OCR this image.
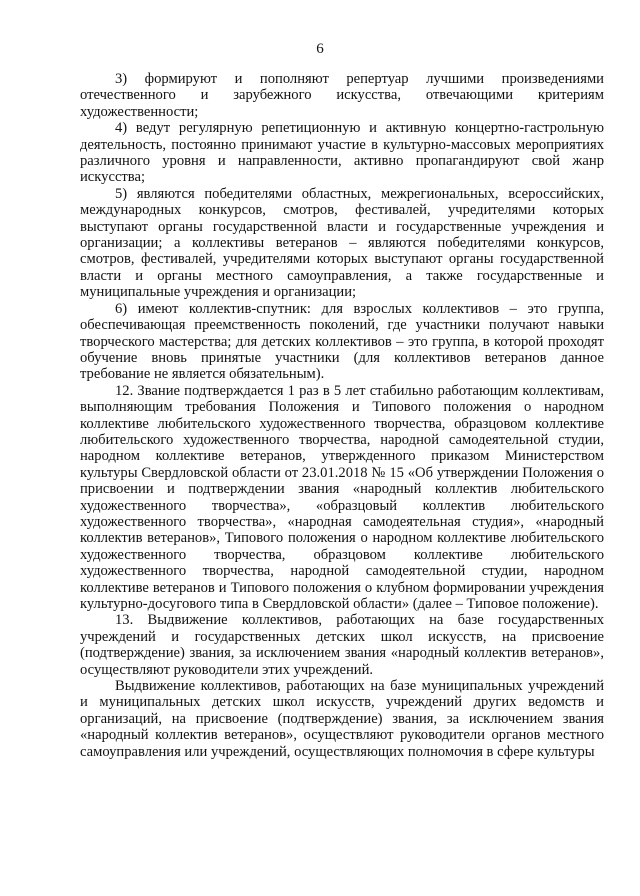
6

3) формируют и пополняют репертуар лучшими произведениями отечественного и зарубежного искусства, отвечающими критериям художественности;

4) ведут регулярную репетиционную и активную концертно-гастрольную деятельность, постоянно принимают участие в культурно-массовых мероприятиях различного уровня и направленности, активно пропагандируют свой жанр искусства;

5) являются победителями областных, межрегиональных, всероссийских, международных конкурсов, смотров, фестивалей, учредителями которых выступают органы государственной власти и государственные учреждения и организации; а коллективы ветеранов – являются победителями конкурсов, смотров, фестивалей, учредителями которых выступают органы государственной власти и органы местного самоуправления, а также государственные и муниципальные учреждения и организации;

6) имеют коллектив-спутник: для взрослых коллективов – это группа, обеспечивающая преемственность поколений, где участники получают навыки творческого мастерства; для детских коллективов – это группа, в которой проходят обучение вновь принятые участники (для коллективов ветеранов данное требование не является обязательным).

12. Звание подтверждается 1 раз в 5 лет стабильно работающим коллективам, выполняющим требования Положения и Типового положения о народном коллективе любительского художественного творчества, образцовом коллективе любительского художественного творчества, народной самодеятельной студии, народном коллективе ветеранов, утвержденного приказом Министерством культуры Свердловской области от 23.01.2018 № 15 «Об утверждении Положения о присвоении и подтверждении звания «народный коллектив любительского художественного творчества», «образцовый коллектив любительского художественного творчества», «народная самодеятельная студия», «народный коллектив ветеранов», Типового положения о народном коллективе любительского художественного творчества, образцовом коллективе любительского художественного творчества, народной самодеятельной студии, народном коллективе ветеранов и Типового положения о клубном формировании учреждения культурно-досугового типа в Свердловской области» (далее – Типовое положение).

13. Выдвижение коллективов, работающих на базе государственных учреждений и государственных детских школ искусств, на присвоение (подтверждение) звания, за исключением звания «народный коллектив ветеранов», осуществляют руководители этих учреждений.

Выдвижение коллективов, работающих на базе муниципальных учреждений и муниципальных детских школ искусств, учреждений других ведомств и организаций, на присвоение (подтверждение) звания, за исключением звания «народный коллектив ветеранов», осуществляют руководители органов местного самоуправления или учреждений, осуществляющих полномочия в сфере культуры
